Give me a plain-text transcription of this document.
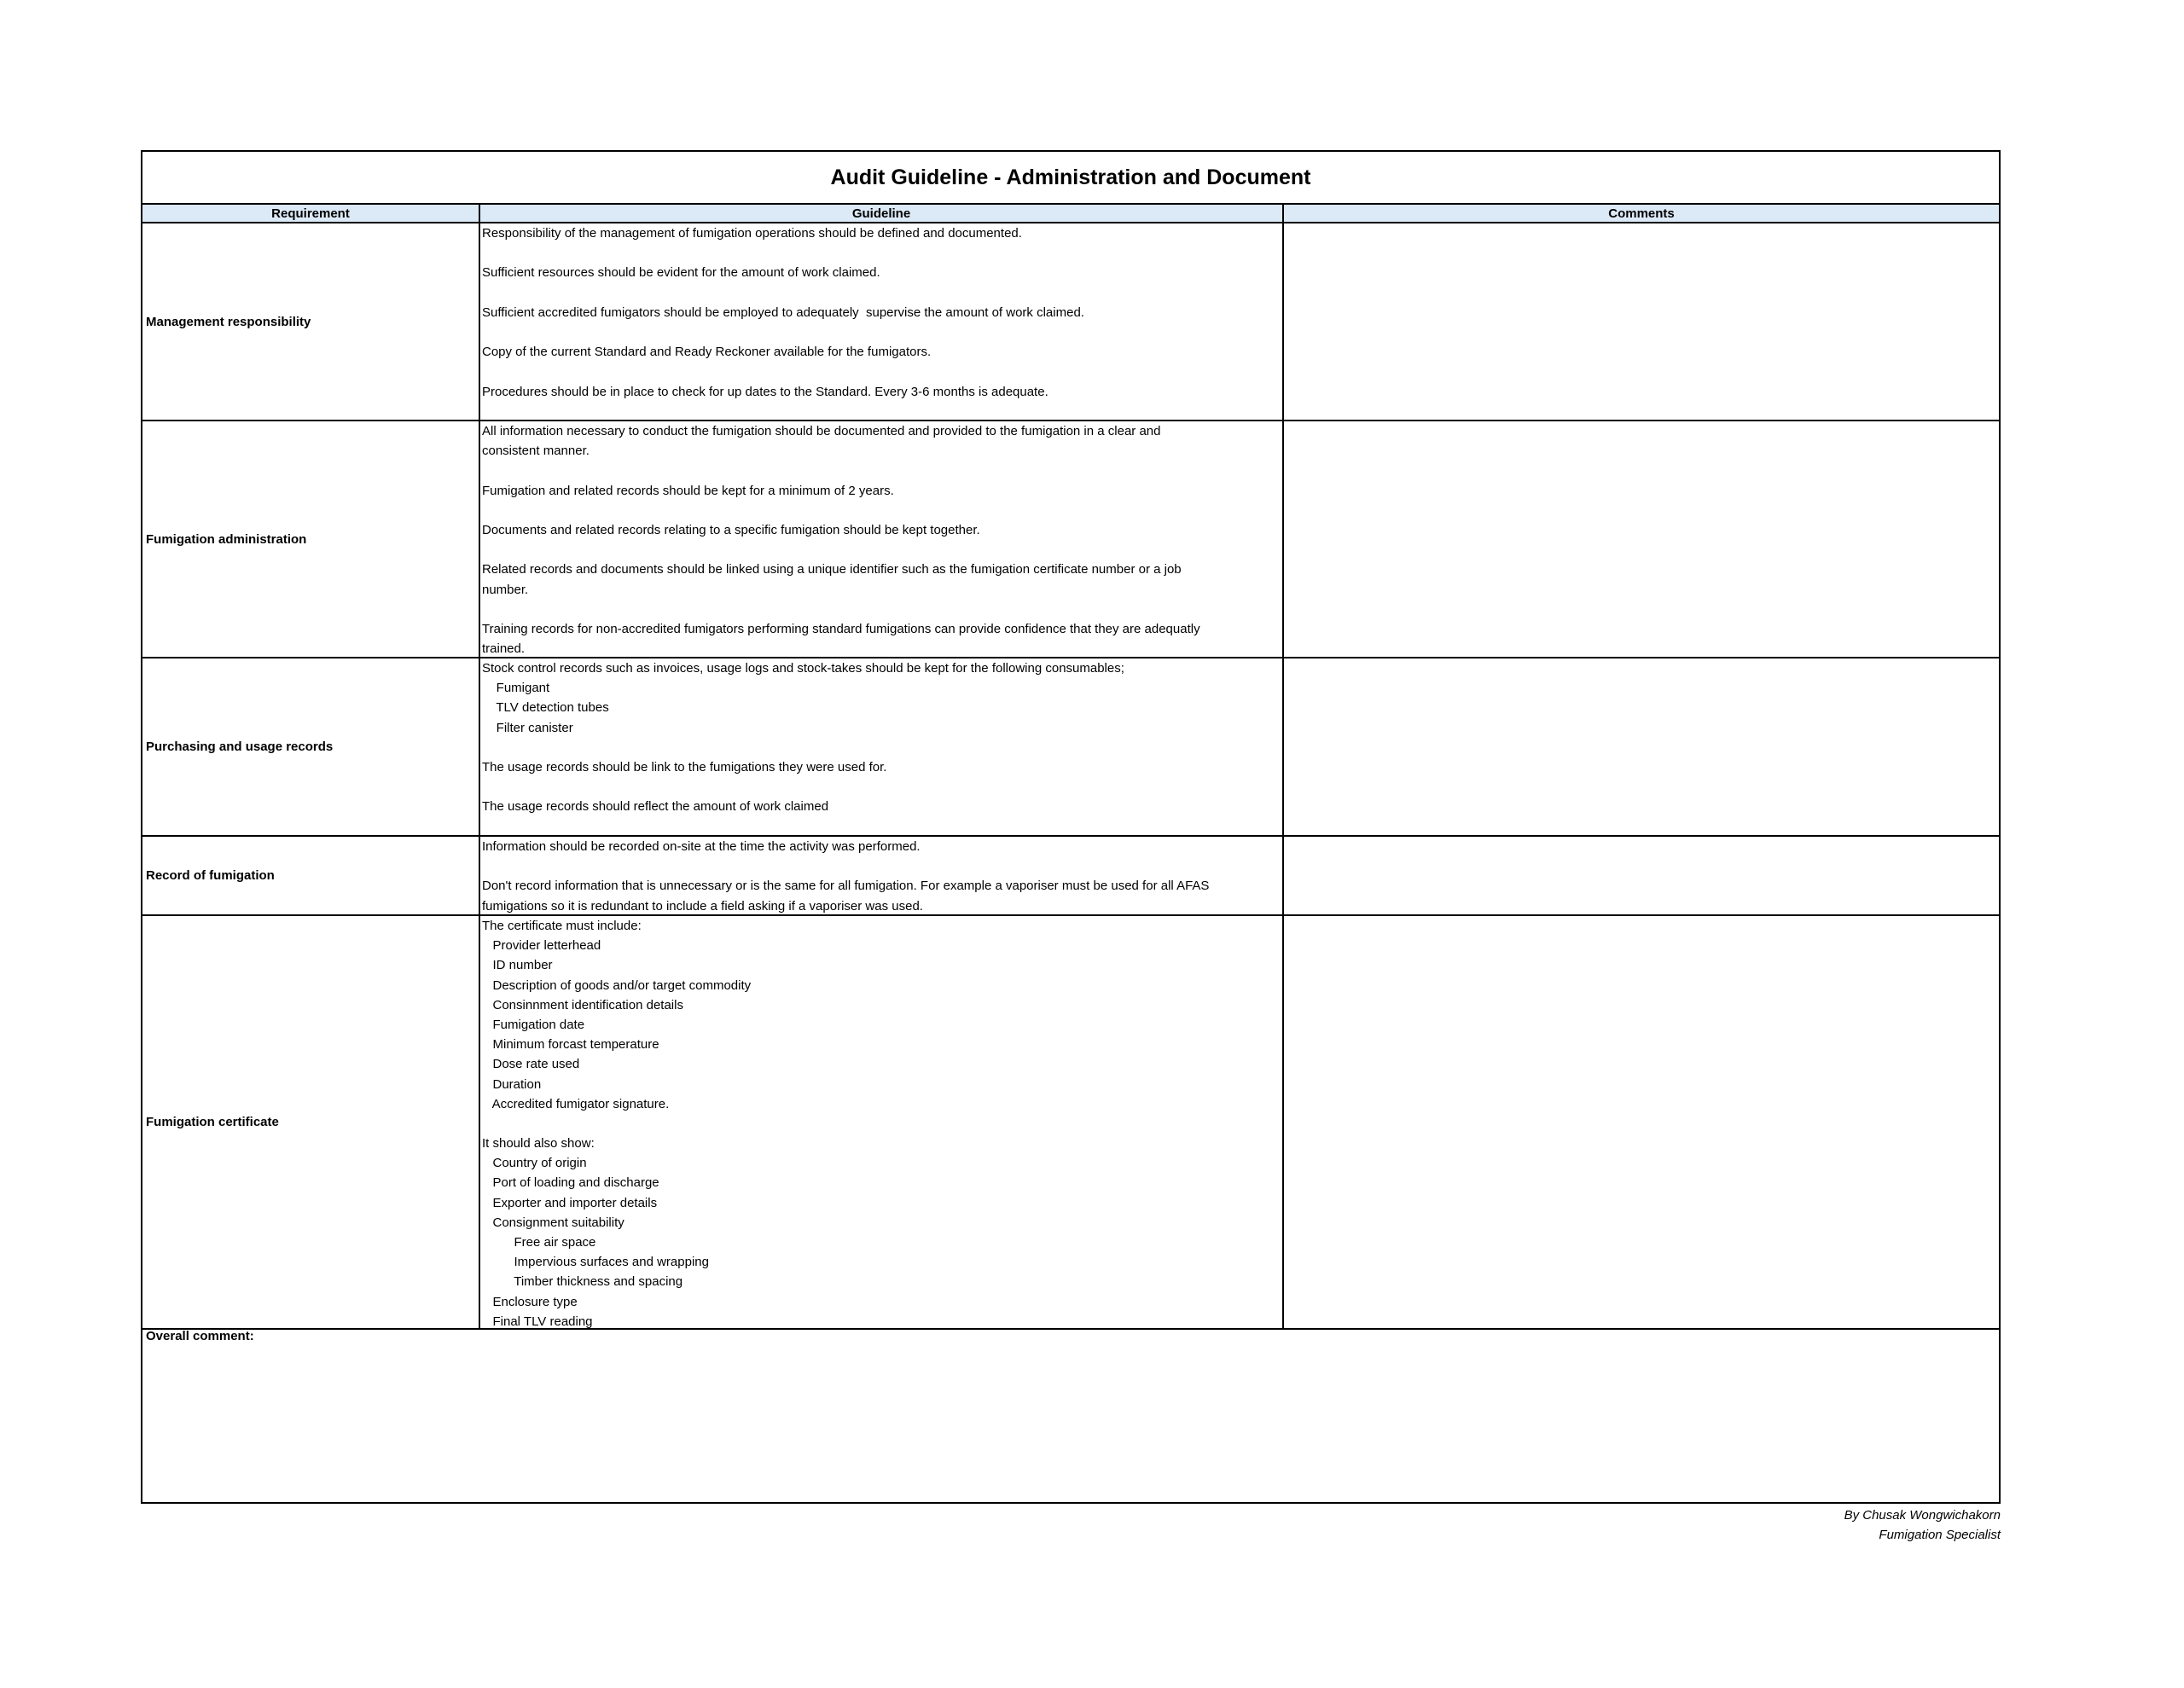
Audit Guideline - Administration and Document
Requirement	Guideline	Comments
Management responsibility
Responsibility of the management of fumigation operations should be defined and documented.
Sufficient resources should be evident for the amount of work claimed.
Sufficient accredited fumigators should be employed to adequately  supervise the amount of work claimed.
Copy of the current Standard and Ready Reckoner available for the fumigators.
Procedures should be in place to check for up dates to the Standard. Every 3-6 months is adequate.
Fumigation administration
All information necessary to conduct the fumigation should be documented and provided to the fumigation in a clear and
consistent manner.
Fumigation and related records should be kept for a minimum of 2 years.
Documents and related records relating to a specific fumigation should be kept together.
Related records and documents should be linked using a unique identifier such as the fumigation certificate number or a job
number.
Training records for non-accredited fumigators performing standard fumigations can provide confidence that they are adequatly
trained.
Purchasing and usage records
Stock control records such as invoices, usage logs and stock-takes should be kept for the following consumables;
Fumigant
TLV detection tubes
Filter canister
The usage records should be link to the fumigations they were used for.
The usage records should reflect the amount of work claimed
Record of fumigation
Information should be recorded on-site at the time the activity was performed.
Don't record information that is unnecessary or is the same for all fumigation. For example a vaporiser must be used for all AFAS
fumigations so it is redundant to include a field asking if a vaporiser was used.
Fumigation certificate
The certificate must include:
Provider letterhead
ID number
Description of goods and/or target commodity
Consinnment identification details
Fumigation date
Minimum forcast temperature
Dose rate used
Duration
Accredited fumigator signature.
It should also show:
Country of origin
Port of loading and discharge
Exporter and importer details
Consignment suitability
Free air space
Impervious surfaces and wrapping
Timber thickness and spacing
Enclosure type
Final TLV reading
Overall comment:
By Chusak Wongwichakorn
Fumigation Specialist
